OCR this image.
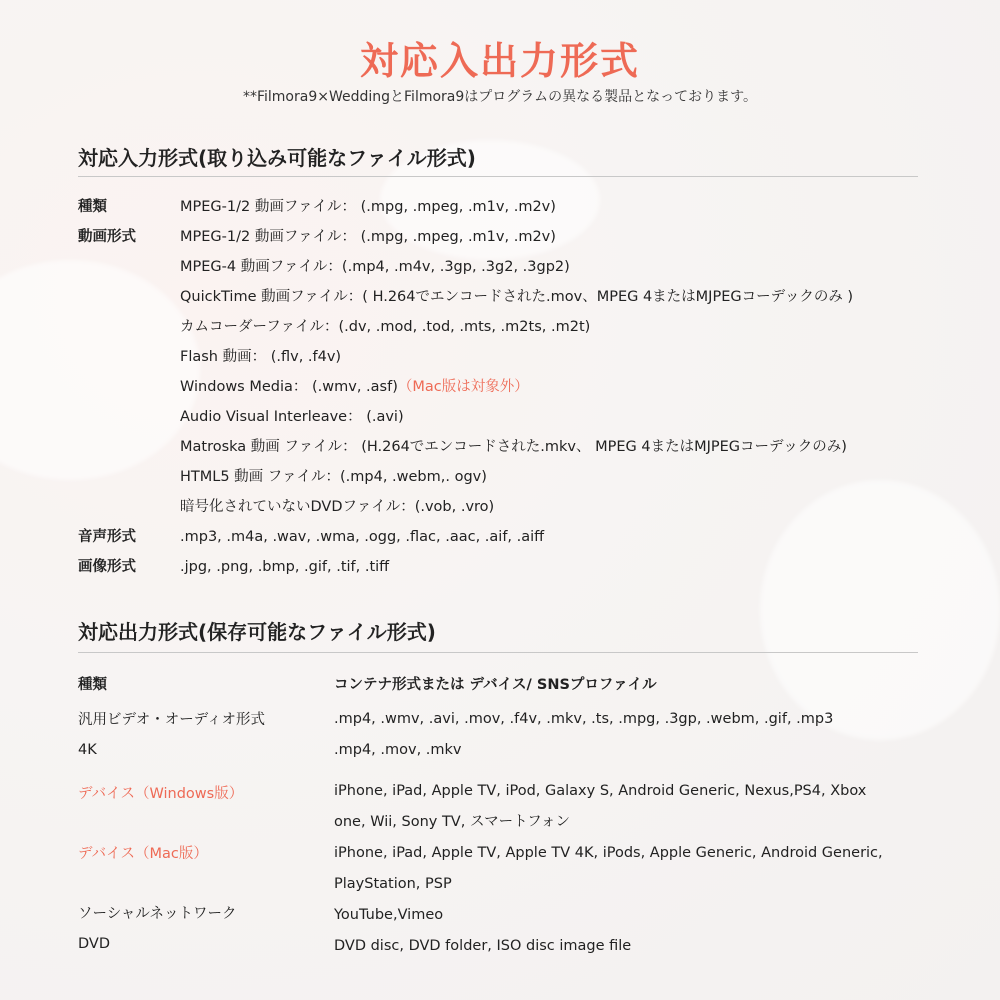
対応入出力形式
**Filmora9×WeddingとFilmora9はプログラムの異なる製品となっております。
対応入力形式(取り込み可能なファイル形式)
種類	MPEG-1/2 動画ファイル： (.mpg, .mpeg, .m1v, .m2v)
動画形式	MPEG-1/2 動画ファイル： (.mpg, .mpeg, .m1v, .m2v)
MPEG-4 動画ファイル：(.mp4, .m4v, .3gp, .3g2, .3gp2)
QuickTime 動画ファイル：( H.264でエンコードされた.mov、MPEG 4またはMJPEGコーデックのみ )
カムコーダーファイル：(.dv, .mod, .tod, .mts, .m2ts, .m2t)
Flash 動画： (.flv, .f4v)
Windows Media： (.wmv, .asf)（Mac版は対象外）
Audio Visual Interleave： (.avi)
Matroska 動画 ファイル： (H.264でエンコードされた.mkv、 MPEG 4またはMJPEGコーデックのみ)
HTML5 動画 ファイル：(.mp4, .webm,. ogv)
暗号化されていないDVDファイル：(.vob, .vro)
音声形式	.mp3, .m4a, .wav, .wma, .ogg, .flac, .aac, .aif, .aiff
画像形式	.jpg, .png, .bmp, .gif, .tif, .tiff
対応出力形式(保存可能なファイル形式)
種類	コンテナ形式または デバイス/ SNSプロファイル
汎用ビデオ・オーディオ形式	.mp4, .wmv, .avi, .mov, .f4v, .mkv, .ts, .mpg, .3gp, .webm, .gif, .mp3
4K	.mp4, .mov, .mkv
デバイス（Windows版）	iPhone, iPad, Apple TV, iPod, Galaxy S, Android Generic, Nexus,PS4, Xbox
one, Wii, Sony TV, スマートフォン
デバイス（Mac版）	iPhone, iPad, Apple TV, Apple TV 4K, iPods, Apple Generic, Android Generic,
PlayStation, PSP
ソーシャルネットワーク	YouTube,Vimeo
DVD	DVD disc, DVD folder, ISO disc image file
